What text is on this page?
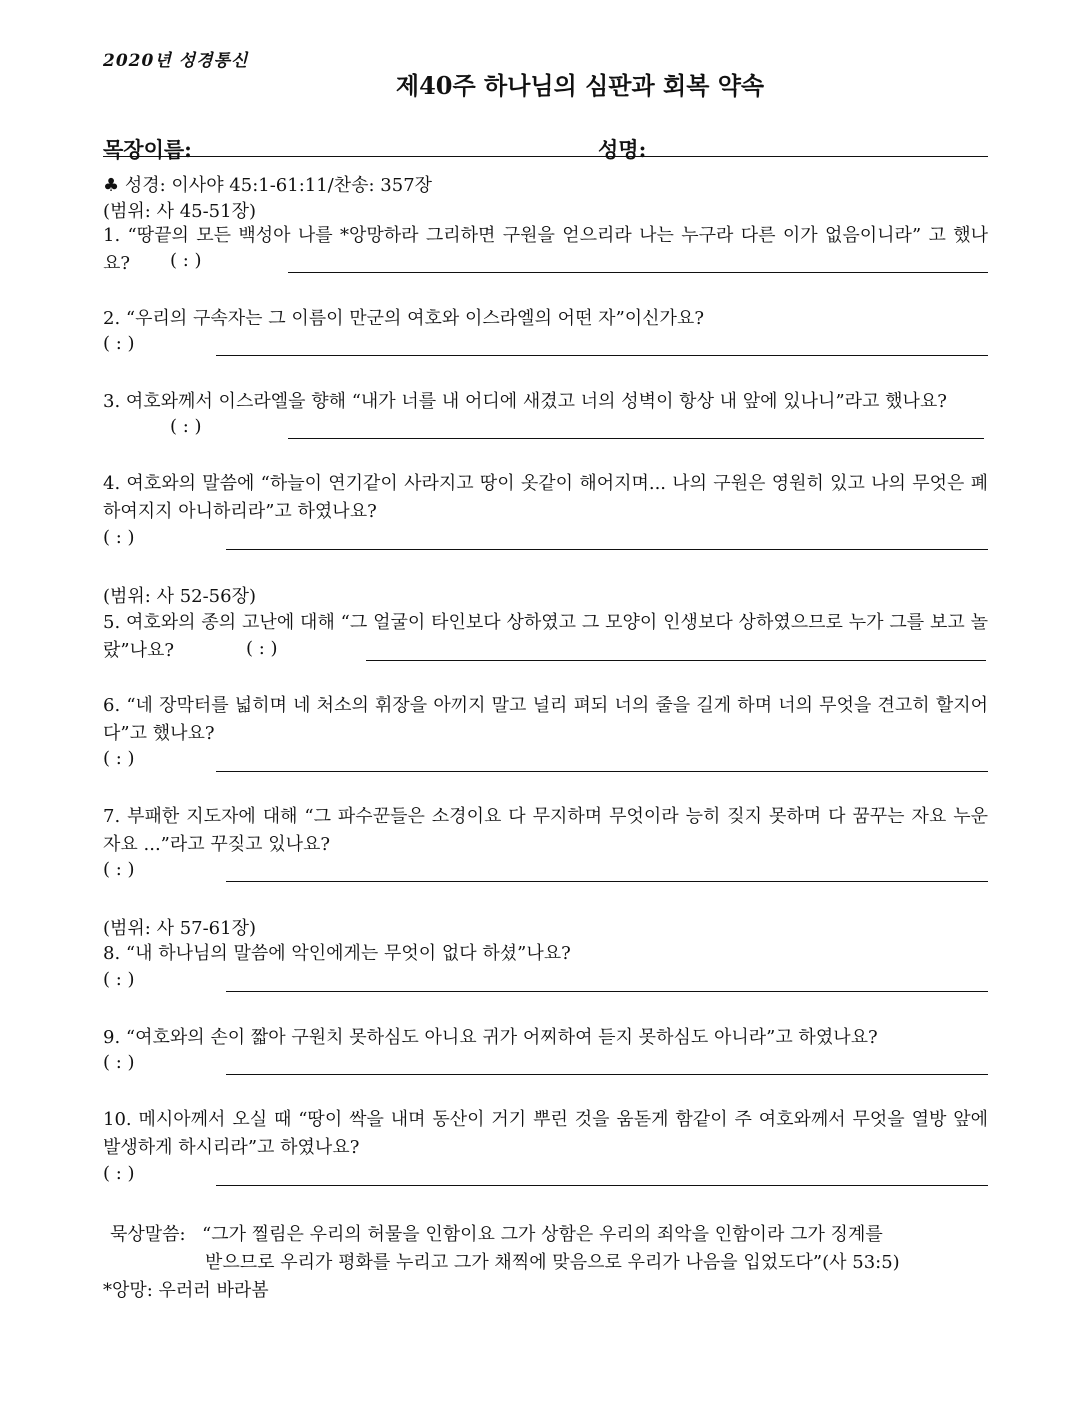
2020년 성경통신
제40주 하나님의 심판과 회복 약속
목장이름:	성명:
♣ 성경: 이사야 45:1-61:11/찬송: 357장
(범위: 사 45-51장)
1. “땅끝의 모든 백성아 나를 *앙망하라 그리하면 구원을 얻으리라 나는 누구라 다른 이가 없음이니라” 고 했나요?	( : )
2. “우리의 구속자는 그 이름이 만군의 여호와 이스라엘의 어떤 자”이신가요?
( : )
3. 여호와께서 이스라엘을 향해 “내가 너를 내 어디에 새겼고 너의 성벽이 항상 내 앞에 있나니”라고 했나요?
( : )
4. 여호와의 말씀에 “하늘이 연기같이 사라지고 땅이 옷같이 해어지며... 나의 구원은 영원히 있고 나의 무엇은 폐하여지지 아니하리라”고 하였나요?
( : )
(범위: 사 52-56장)
5. 여호와의 종의 고난에 대해 “그 얼굴이 타인보다 상하였고 그 모양이 인생보다 상하였으므로 누가 그를 보고 놀랐”나요?	( : )
6. “네 장막터를 넓히며 네 처소의 휘장을 아끼지 말고 널리 펴되 너의 줄을 길게 하며 너의 무엇을 견고히 할지어다”고 했나요?
( : )
7. 부패한 지도자에 대해 “그 파수꾼들은 소경이요 다 무지하며 무엇이라 능히 짖지 못하며 다 꿈꾸는 자요 누운 자요 ...”라고 꾸짖고 있나요?
( : )
(범위: 사 57-61장)
8. “내 하나님의 말씀에 악인에게는 무엇이 없다 하셨”나요?
( : )
9. “여호와의 손이 짧아 구원치 못하심도 아니요 귀가 어찌하여 듣지 못하심도 아니라”고 하였나요?
( : )
10. 메시아께서 오실 때 “땅이 싹을 내며 동산이 거기 뿌린 것을 움돋게 함같이 주 여호와께서 무엇을 열방 앞에 발생하게 하시리라”고 하였나요?
( : )
묵상말씀: “그가 찔림은 우리의 허물을 인함이요 그가 상함은 우리의 죄악을 인함이라 그가 징계를
받으므로 우리가 평화를 누리고 그가 채찍에 맞음으로 우리가 나음을 입었도다”(사 53:5)
*앙망: 우러러 바라봄
